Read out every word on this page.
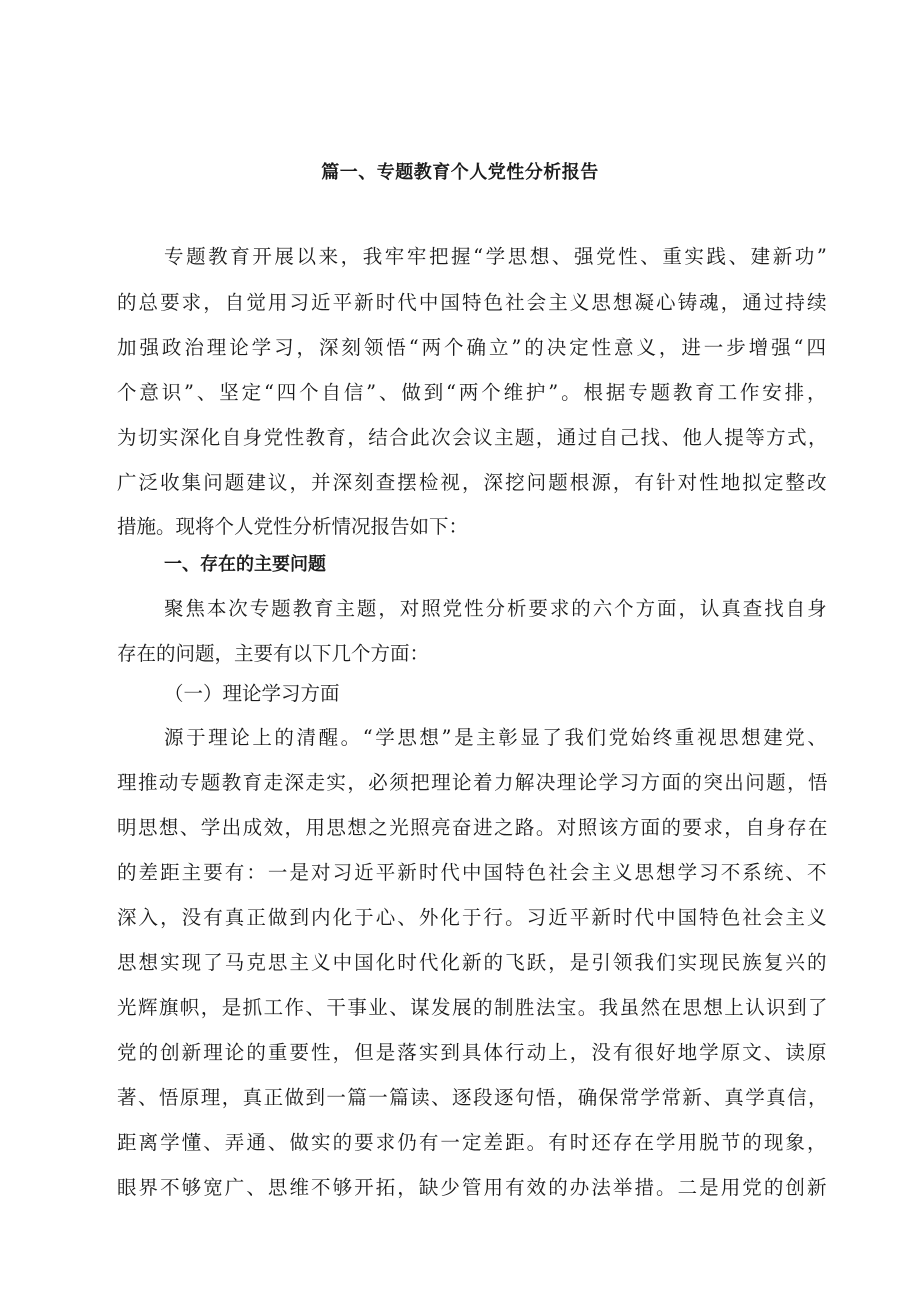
篇一、专题教育个人党性分析报告
专题教育开展以来，我牢牢把握“学思想、强党性、重实践、建新功”
的总要求，自觉用习近平新时代中国特色社会主义思想凝心铸魂，通过持续
加强政治理论学习，深刻领悟“两个确立”的决定性意义，进一步增强“四
个意识”、坚定“四个自信”、做到“两个维护”。根据专题教育工作安排，
为切实深化自身党性教育，结合此次会议主题，通过自己找、他人提等方式，
广泛收集问题建议，并深刻查摆检视，深挖问题根源，有针对性地拟定整改
措施。现将个人党性分析情况报告如下：
一、存在的主要问题
聚焦本次专题教育主题，对照党性分析要求的六个方面，认真查找自身
存在的问题，主要有以下几个方面：
（一）理论学习方面
源于理论上的清醒。“学思想”是主彰显了我们党始终重视思想建党、
理推动专题教育走深走实，必须把理论着力解决理论学习方面的突出问题，悟
明思想、学出成效，用思想之光照亮奋进之路。对照该方面的要求，自身存在
的差距主要有：一是对习近平新时代中国特色社会主义思想学习不系统、不
深入，没有真正做到内化于心、外化于行。习近平新时代中国特色社会主义
思想实现了马克思主义中国化时代化新的飞跃，是引领我们实现民族复兴的
光辉旗帜，是抓工作、干事业、谋发展的制胜法宝。我虽然在思想上认识到了
党的创新理论的重要性，但是落实到具体行动上，没有很好地学原文、读原
著、悟原理，真正做到一篇一篇读、逐段逐句悟，确保常学常新、真学真信，
距离学懂、弄通、做实的要求仍有一定差距。有时还存在学用脱节的现象，
眼界不够宽广、思维不够开拓，缺少管用有效的办法举措。二是用党的创新
